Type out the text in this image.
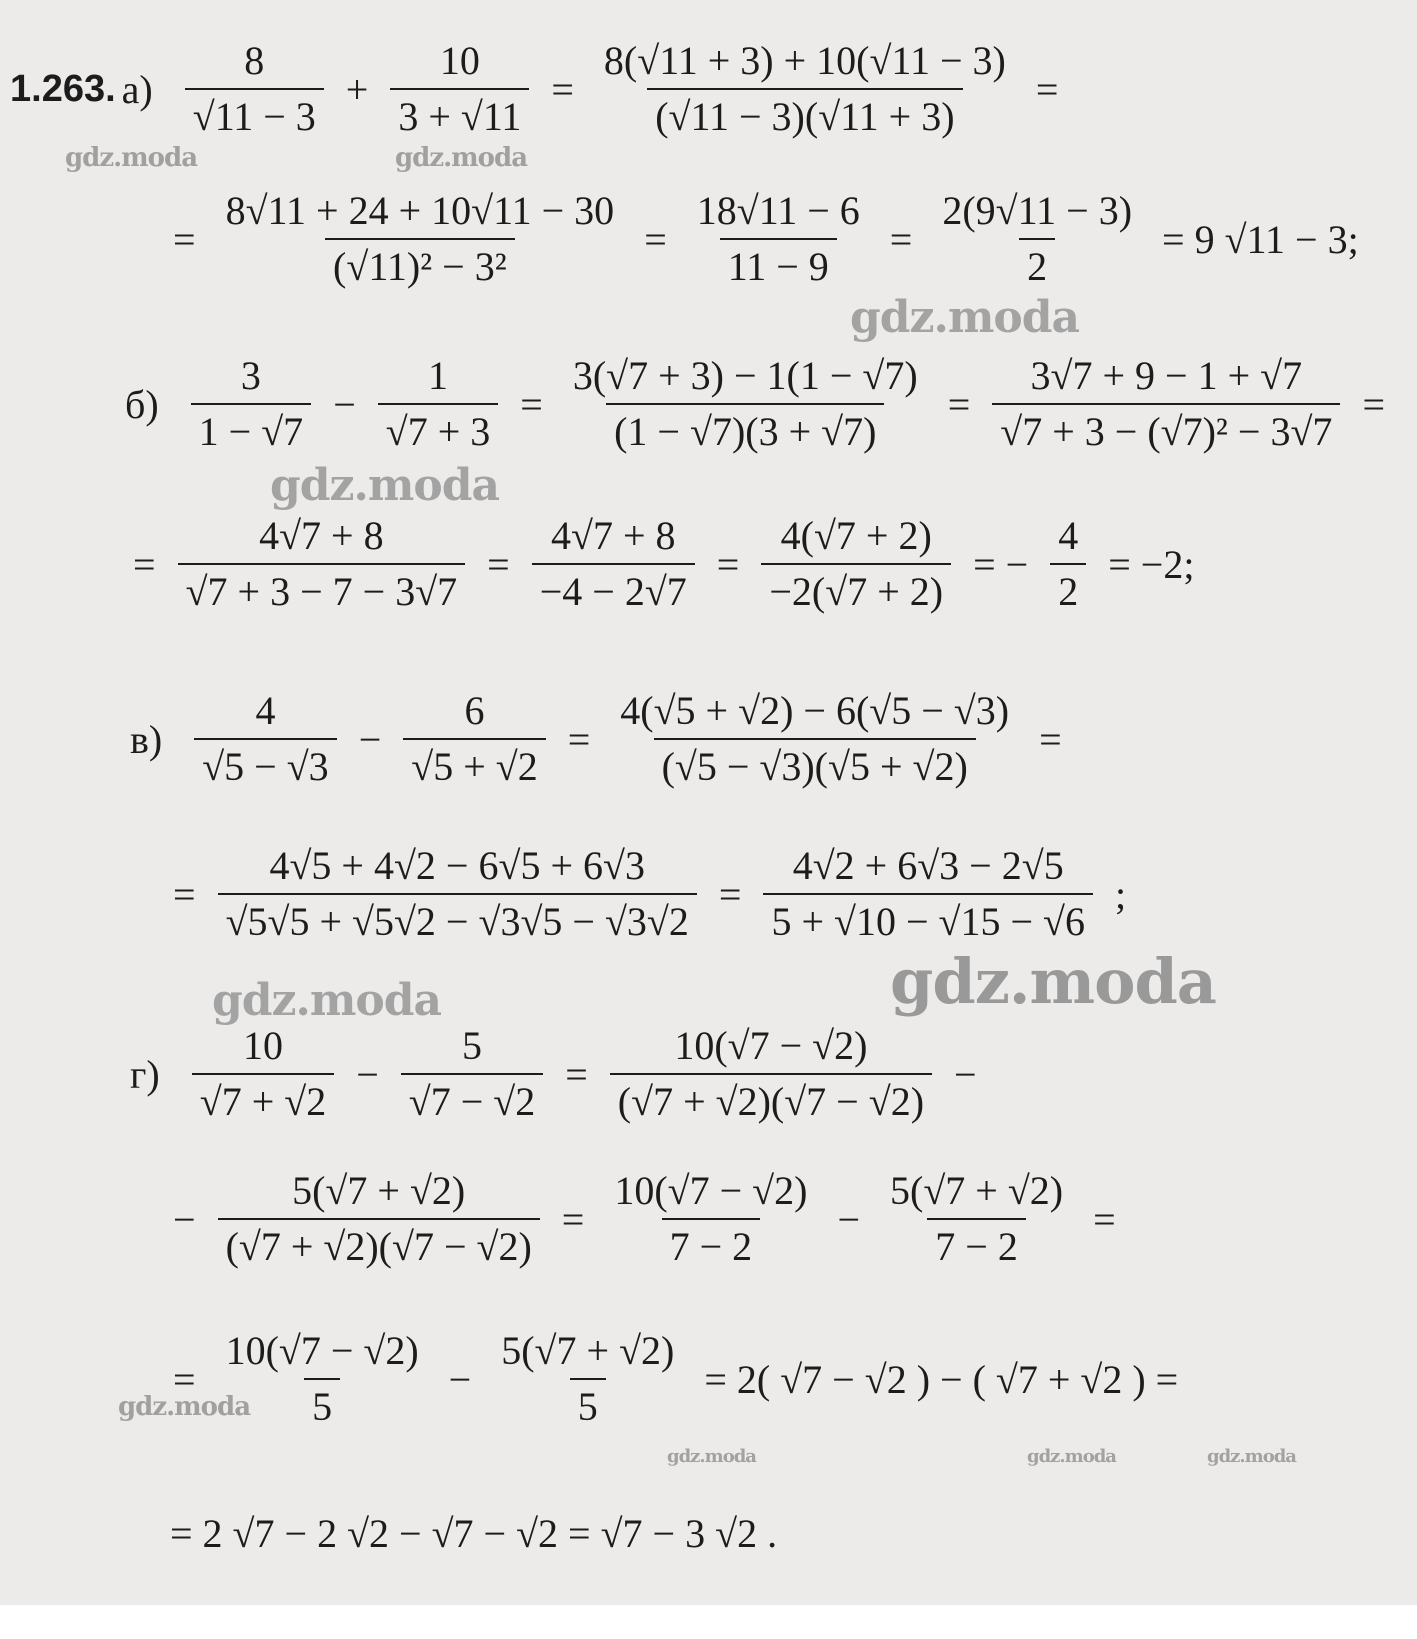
1.263. $а) \frac{8}{√11 - 3} + \frac{10}{3 + √11} = \frac{8(√11 + 3) + 10(√11 - 3)}{(√11 - 3)(√11 + 3)}$ =
= $\frac{8√11 + 24 + 10√11 - 30}{\text{(√11)² − 3²}} = \frac{18√11 - 6}{11 - 9} = \frac{2(9√11 - 3)}{2} = 9$ √11 − 3;
$б) \frac{3}{1 - √7} - \frac{1}{√7 + 3} = \frac{3(√7 + 3) - 1(1 - √7)}{(1 - √7)(3 + √7)} = \frac{3√7 + 9 - 1 + √7}{\text{√7 + 3 − (√7)² − 3√7}}$ =
= $\frac{4√7 + 8}{√7 + 3 - 7 - 3√7} = \frac{4√7 + 8}{-4 - 2√7} = \frac{4(√7 + 2)}{-2(√7 + 2)}$ = − $\frac{4}{2} = -2$;
$в) \frac{4}{√5 - √3} - \frac{6}{√5 + √2} = \frac{4(√5 + √2) - 6(√5 - √3)}{(√5 - √3)(√5 + √2)}$ =
= $\frac{4√5 + 4√2 - 6√5 + 6√3}{√5√5 + √5√2 - √3√5 - √3√2} = \frac{4√2 + 6√3 - 2√5}{5 + √10 - √15 - √6}$ ;
$г) \frac{10}{√7 + √2} - \frac{5}{√7 - √2} = \frac{10(√7 - √2)}{(√7 + √2)(√7 - √2)}$ −
− $\frac{5(√7 + √2)}{(√7 + √2)(√7 - √2)} = \frac{10(√7 - √2)}{7 - 2} - \frac{5(√7 + √2)}{7 - 2}$ =
= $\frac{10(√7 - √2)}{5} - \frac{5(√7 + √2)}{5} = 2$( √7 − √2 ) − ( √7 + √2 ) =
= 2 √7 − 2 √2 − √7 − √2 = √7 − 3 √2 .
gdz.moda	gdz.moda
gdz.moda
gdz.moda
gdz.moda
gdz.moda
gdz.moda
gdz.moda	gdz.moda	gdz.moda
